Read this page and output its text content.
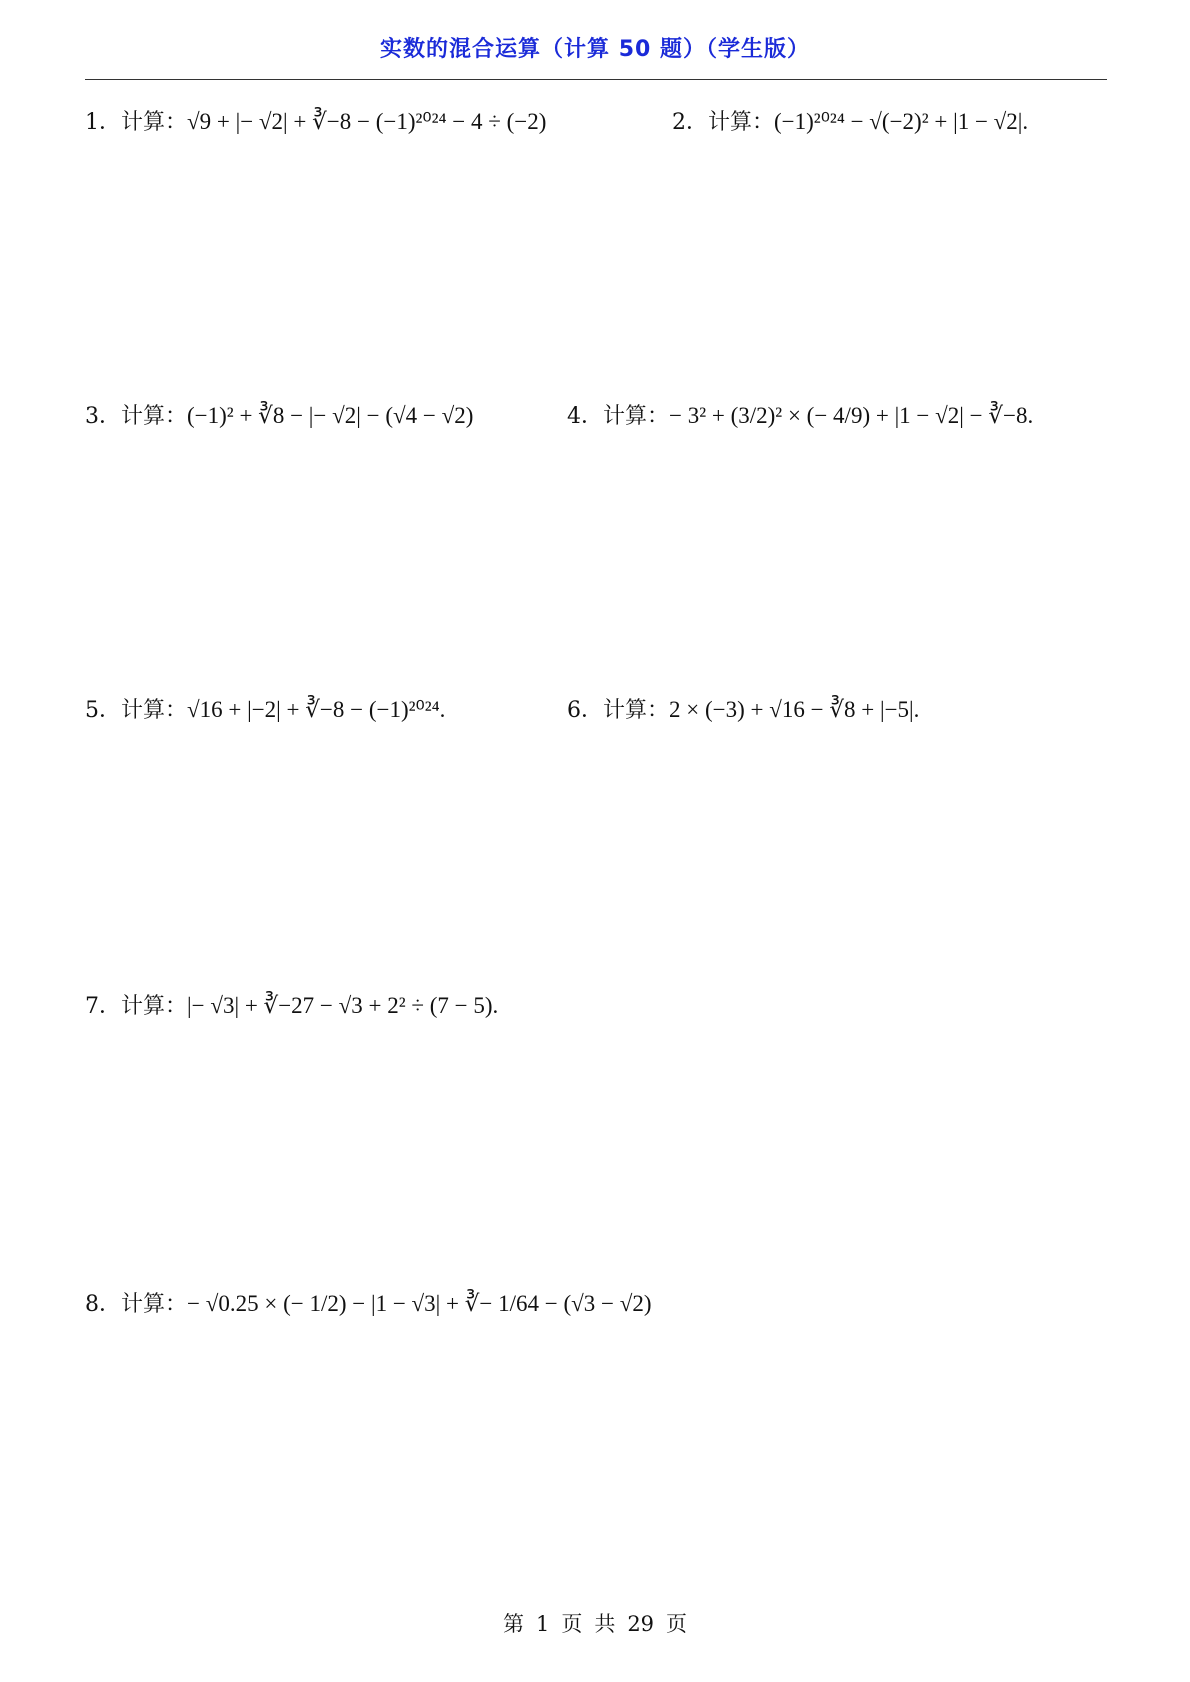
实数的混合运算（计算 50 题）（学生版）
1．计算：√9 + |− √2| + ∛−8 − (−1)²⁰²⁴ − 4 ÷ (−2)	2．计算：(−1)²⁰²⁴ − √(−2)² + |1 − √2|.
3．计算：(−1)² + ∛8 − |− √2| − (√4 − √2)	4．计算：− 3² + (3/2)² × (− 4/9) + |1 − √2| − ∛−8.
5．计算：√16 + |−2| + ∛−8 − (−1)²⁰²⁴.	6．计算：2 × (−3) + √16 − ∛8 + |−5|.
7．计算：|− √3| + ∛−27 − √3 + 2² ÷ (7 − 5).
8．计算：− √0.25 × (− 1/2) − |1 − √3| + ∛− 1/64 − (√3 − √2)
第 1 页 共 29 页
